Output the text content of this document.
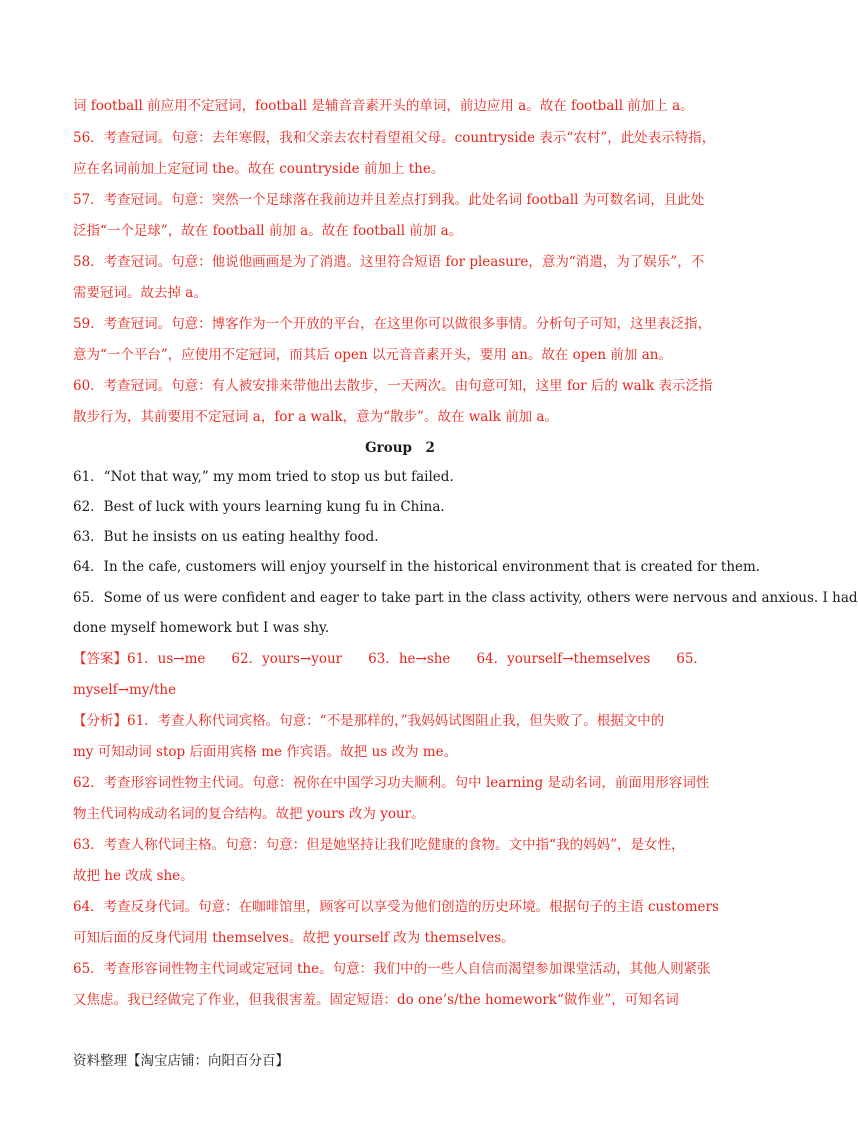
词 football 前应用不定冠词，football 是辅音音素开头的单词，前边应用 a。故在 football 前加上 a。
56．考查冠词。句意：去年寒假，我和父亲去农村看望祖父母。countryside 表示“农村”，此处表示特指，
应在名词前加上定冠词 the。故在 countryside 前加上 the。
57．考查冠词。句意：突然一个足球落在我前边并且差点打到我。此处名词 football 为可数名词，且此处
泛指“一个足球”，故在 football 前加 a。故在 football 前加 a。
58．考查冠词。句意：他说他画画是为了消遣。这里符合短语 for pleasure，意为“消遣，为了娱乐”，不
需要冠词。故去掉 a。
59．考查冠词。句意：博客作为一个开放的平台，在这里你可以做很多事情。分析句子可知，这里表泛指，
意为“一个平台”，应使用不定冠词，而其后 open 以元音音素开头，要用 an。故在 open 前加 an。
60．考查冠词。句意：有人被安排来带他出去散步，一天两次。由句意可知，这里 for 后的 walk 表示泛指
散步行为，其前要用不定冠词 a，for a walk，意为“散步”。故在 walk 前加 a。
Group　2
61．“Not that way,” my mom tried to stop us but failed.
62．Best of luck with yours learning kung fu in China.
63．But he insists on us eating healthy food.
64．In the cafe, customers will enjoy yourself in the historical environment that is created for them.
65．Some of us were confident and eager to take part in the class activity, others were nervous and anxious. I had
done myself homework but I was shy.
【答案】61．us→me 62．yours→your 63．he→she 64．yourself→themselves 65．
myself→my/the
【分析】61．考查人称代词宾格。句意：“不是那样的，”我妈妈试图阻止我，但失败了。根据文中的
my 可知动词 stop 后面用宾格 me 作宾语。故把 us 改为 me。
62．考查形容词性物主代词。句意：祝你在中国学习功夫顺利。句中 learning 是动名词，前面用形容词性
物主代词构成动名词的复合结构。故把 yours 改为 your。
63．考查人称代词主格。句意：句意：但是她坚持让我们吃健康的食物。文中指“我的妈妈”，是女性，
故把 he 改成 she。
64．考查反身代词。句意：在咖啡馆里，顾客可以享受为他们创造的历史环境。根据句子的主语 customers
可知后面的反身代词用 themselves。故把 yourself 改为 themselves。
65．考查形容词性物主代词或定冠词 the。句意：我们中的一些人自信而渴望参加课堂活动，其他人则紧张
又焦虑。我已经做完了作业，但我很害羞。固定短语：do one’s/the homework“做作业”，可知名词
资料整理【淘宝店铺：向阳百分百】
